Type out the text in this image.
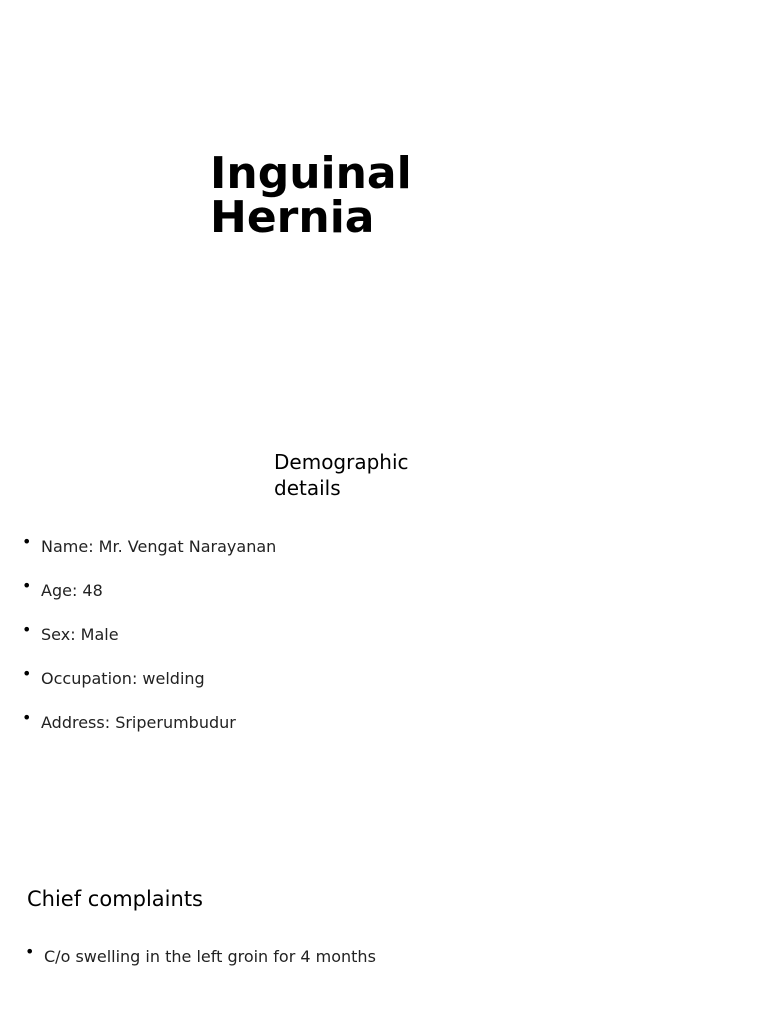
Inguinal
Hernia
Demographic
details
• Name: Mr. Vengat Narayanan
• Age: 48
• Sex: Male
• Occupation: welding
• Address: Sriperumbudur
Chief complaints
• C/o swelling in the left groin for 4 months
